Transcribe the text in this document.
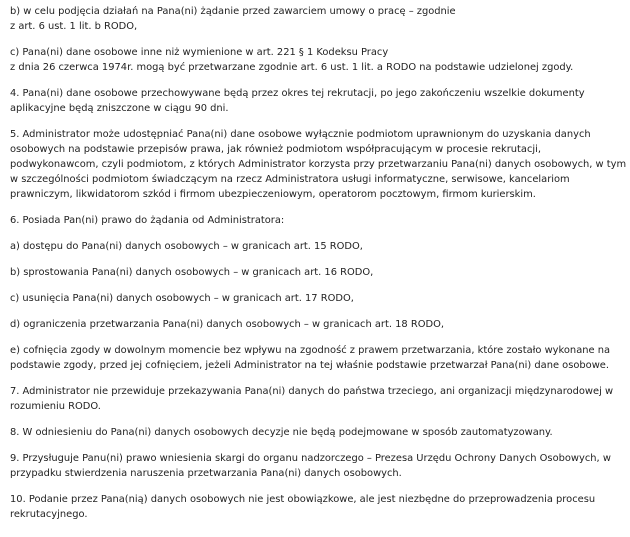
b) w celu podjęcia działań na Pana(ni) żądanie przed zawarciem umowy o pracę – zgodnie
z art. 6 ust. 1 lit. b RODO,

c) Pana(ni) dane osobowe inne niż wymienione w art. 221 § 1 Kodeksu Pracy
z dnia 26 czerwca 1974r. mogą być przetwarzane zgodnie art. 6 ust. 1 lit. a RODO na podstawie udzielonej zgody.

4. Pana(ni) dane osobowe przechowywane będą przez okres tej rekrutacji, po jego zakończeniu wszelkie dokumenty
aplikacyjne będą zniszczone w ciągu 90 dni.

5. Administrator może udostępniać Pana(ni) dane osobowe wyłącznie podmiotom uprawnionym do uzyskania danych
osobowych na podstawie przepisów prawa, jak również podmiotom współpracującym w procesie rekrutacji,
podwykonawcom, czyli podmiotom, z których Administrator korzysta przy przetwarzaniu Pana(ni) danych osobowych, w tym
w szczególności podmiotom świadczącym na rzecz Administratora usługi informatyczne, serwisowe, kancelariom
prawniczym, likwidatorom szkód i firmom ubezpieczeniowym, operatorom pocztowym, firmom kurierskim.

6. Posiada Pan(ni) prawo do żądania od Administratora:

a) dostępu do Pana(ni) danych osobowych – w granicach art. 15 RODO,

b) sprostowania Pana(ni) danych osobowych – w granicach art. 16 RODO,

c) usunięcia Pana(ni) danych osobowych – w granicach art. 17 RODO,

d) ograniczenia przetwarzania Pana(ni) danych osobowych – w granicach art. 18 RODO,

e) cofnięcia zgody w dowolnym momencie bez wpływu na zgodność z prawem przetwarzania, które zostało wykonane na
podstawie zgody, przed jej cofnięciem, jeżeli Administrator na tej właśnie podstawie przetwarzał Pana(ni) dane osobowe.

7. Administrator nie przewiduje przekazywania Pana(ni) danych do państwa trzeciego, ani organizacji międzynarodowej w
rozumieniu RODO.

8. W odniesieniu do Pana(ni) danych osobowych decyzje nie będą podejmowane w sposób zautomatyzowany.

9. Przysługuje Panu(ni) prawo wniesienia skargi do organu nadzorczego – Prezesa Urzędu Ochrony Danych Osobowych, w
przypadku stwierdzenia naruszenia przetwarzania Pana(ni) danych osobowych.

10. Podanie przez Pana(nią) danych osobowych nie jest obowiązkowe, ale jest niezbędne do przeprowadzenia procesu
rekrutacyjnego.
